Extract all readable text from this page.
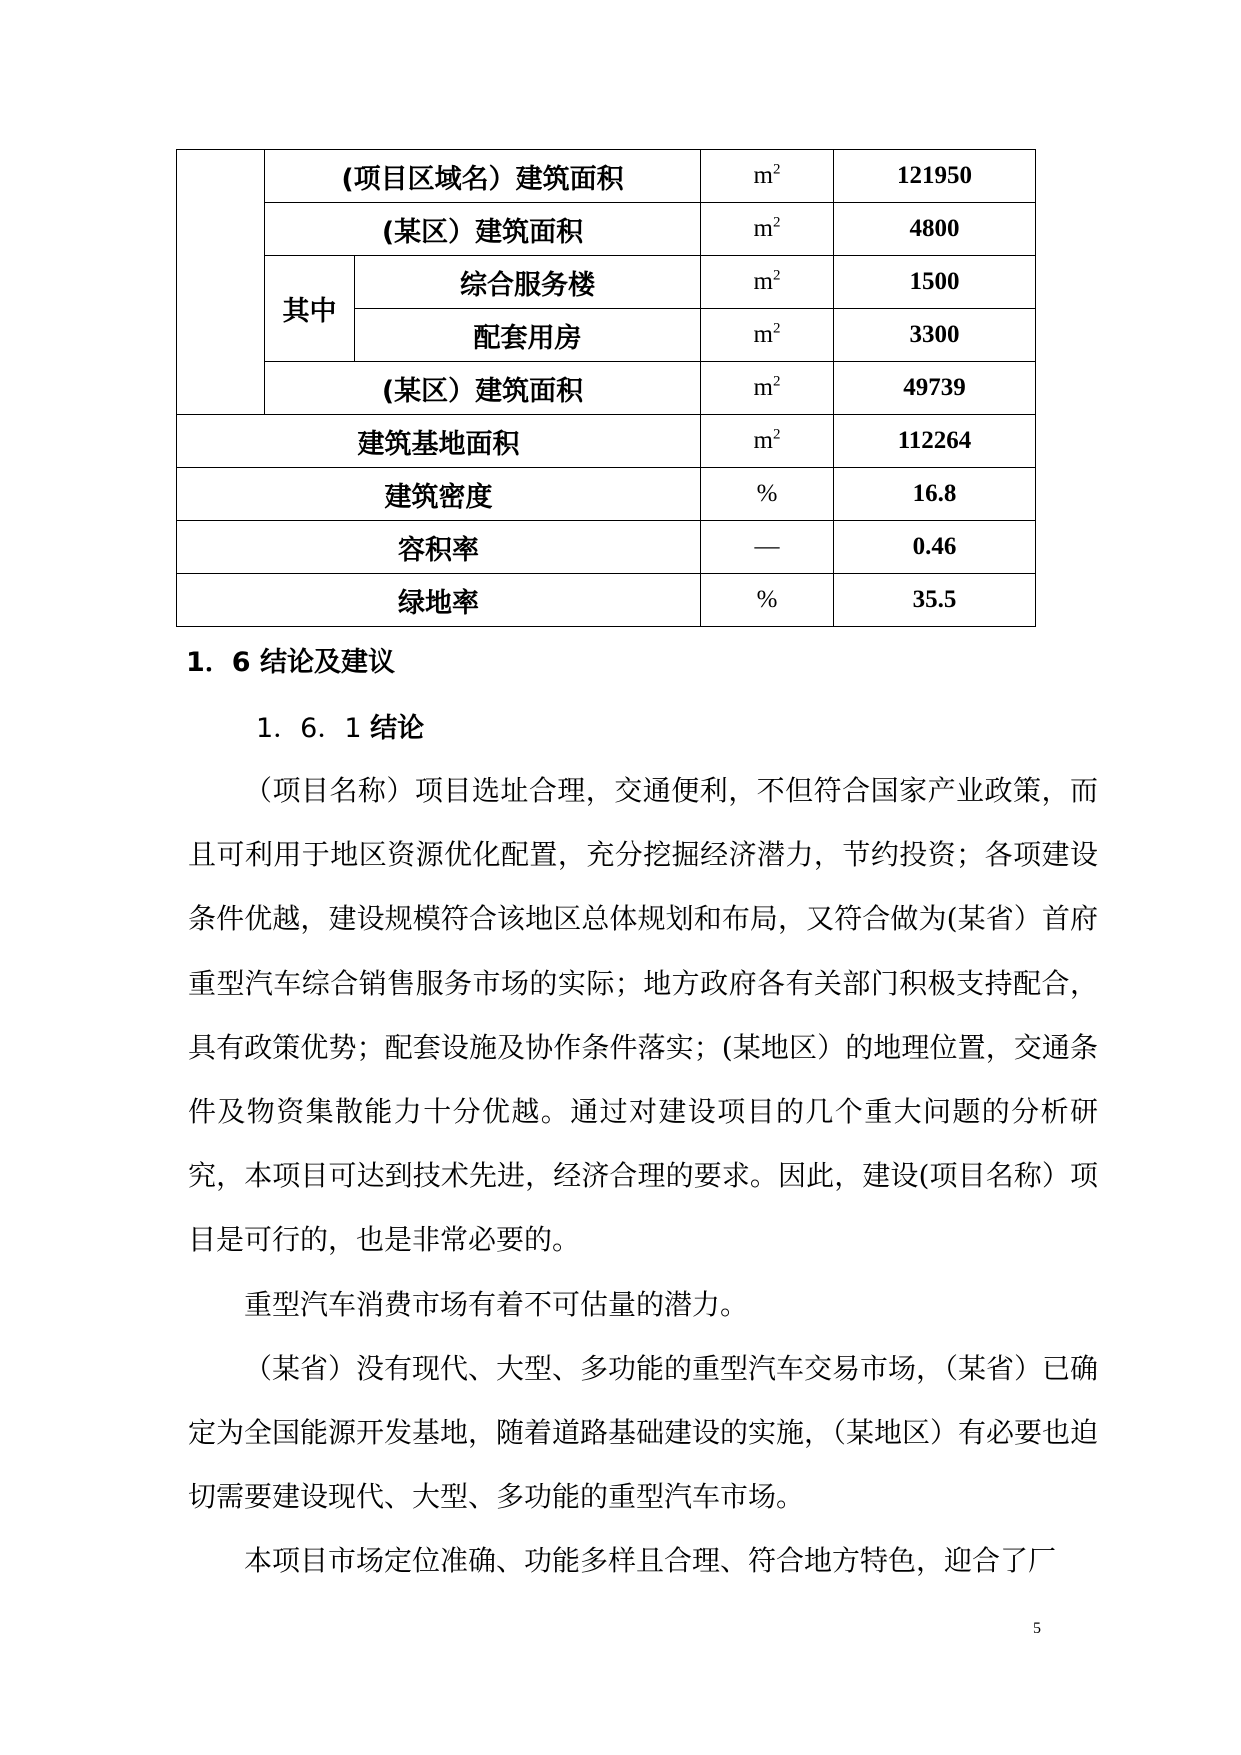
	(项目区域名）建筑面积		$m^2$	121950
	(某区）建筑面积		$m^2$	4800
	其中	综合服务楼	$m^2$	1500
		配套用房	$m^2$	3300
	(某区）建筑面积		$m^2$	49739
建筑基地面积			$m^2$	112264
建筑密度			%	16.8
容积率			—	0.46
绿地率			%	35.5
1．6 结论及建议
1．6．1 结论

（项目名称）项目选址合理，交通便利，不但符合国家产业政策，而且可利用于地区资源优化配置，充分挖掘经济潜力，节约投资；各项建设条件优越，建设规模符合该地区总体规划和布局，又符合做为(某省）首府重型汽车综合销售服务市场的实际；地方政府各有关部门积极支持配合，具有政策优势；配套设施及协作条件落实；(某地区）的地理位置，交通条件及物资集散能力十分优越。通过对建设项目的几个重大问题的分析研究，本项目可达到技术先进，经济合理的要求。因此，建设(项目名称）项目是可行的，也是非常必要的。

重型汽车消费市场有着不可估量的潜力。

（某省）没有现代、大型、多功能的重型汽车交易市场，（某省）已确定为全国能源开发基地，随着道路基础建设的实施，（某地区）有必要也迫切需要建设现代、大型、多功能的重型汽车市场。

本项目市场定位准确、功能多样且合理、符合地方特色，迎合了厂

5
